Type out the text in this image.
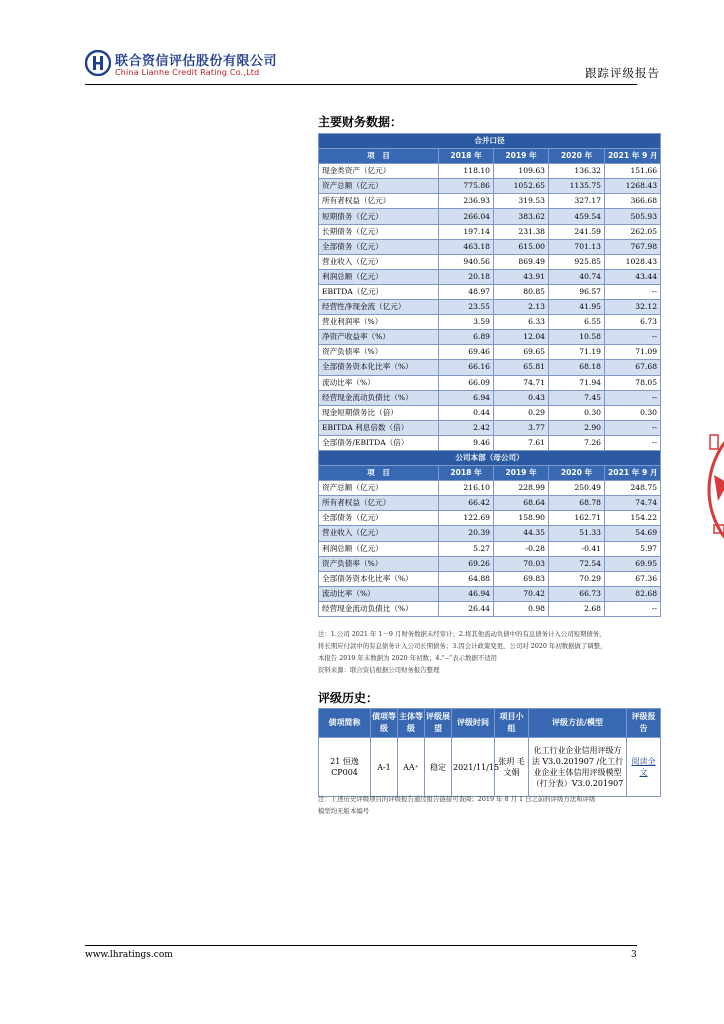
联合资信评估股份有限公司
China Lianhe Credit Rating Co.,Ltd	跟踪评级报告
主要财务数据：
合并口径				
项　目	2018 年	2019 年	2020 年	2021 年 9 月
现金类资产（亿元）	118.10	109.63	136.32	151.66
资产总额（亿元）	775.86	1052.65	1135.75	1268.43
所有者权益（亿元）	236.93	319.53	327.17	366.68
短期债务（亿元）	266.04	383.62	459.54	505.93
长期债务（亿元）	197.14	231.38	241.59	262.05
全部债务（亿元）	463.18	615.00	701.13	767.98
营业收入（亿元）	940.56	869.49	925.85	1028.43
利润总额（亿元）	20.18	43.91	40.74	43.44
EBITDA（亿元）	48.97	80.85	96.57	--
经营性净现金流（亿元）	23.55	2.13	41.95	32.12
营业利润率（%）	3.59	6.33	6.55	6.73
净资产收益率（%）	6.89	12.04	10.58	--
资产负债率（%）	69.46	69.65	71.19	71.09
全部债务资本化比率（%）	66.16	65.81	68.18	67.68
流动比率（%）	66.09	74.71	71.94	78.05
经营现金流动负债比（%）	6.94	0.43	7.45	--
现金短期债务比（倍）	0.44	0.29	0.30	0.30
EBITDA 利息倍数（倍）	2.42	3.77	2.90	--
全部债务/EBITDA（倍）	9.46	7.61	7.26	--
公司本部（母公司）				
项　目	2018 年	2019 年	2020 年	2021 年 9 月
资产总额（亿元）	216.10	228.99	250.49	248.75
所有者权益（亿元）	66.42	68.64	68.78	74.74
全部债务（亿元）	122.69	158.90	162.71	154.22
营业收入（亿元）	20.39	44.35	51.33	54.69
利润总额（亿元）	5.27	-0.28	-0.41	5.97
资产负债率（%）	69.26	70.03	72.54	69.95
全部债务资本化比率（%）	64.88	69.83	70.29	67.36
流动比率（%）	46.94	70.42	66.73	82.68
经营现金流动负债比（%）	26.44	0.98	2.68	--
注：1.公司 2021 年 1－9 月财务数据未经审计；2.将其他流动负债中的有息债务计入公司短期债务，
将长期应付款中的有息债务计入公司长期债务；3.因会计政策变更，公司对 2020 年初数据做了调整，
本报告 2019 年末数据为 2020 年初数；4.“--”表示数据不适用
资料来源：联合资信根据公司财务报告整理
评级历史：
债项简称	债项等级	主体等级	评级展望	评级时间	项目小组	评级方法/模型	评级报告
21 恒逸 CP004	A-1	AA⁺	稳定	2021/11/15	张玥 毛文娟	化工行业企业信用评级方法 V3.0.201907 /化工行业企业主体信用评级模型（打分表）V3.0.201907	阅读全文
注：上述历史评级项目的评级报告通过报告链接可查阅；2019 年 8 月 1 日之前的评级方法和评级
模型均无版本编号
www.lhratings.com	3
